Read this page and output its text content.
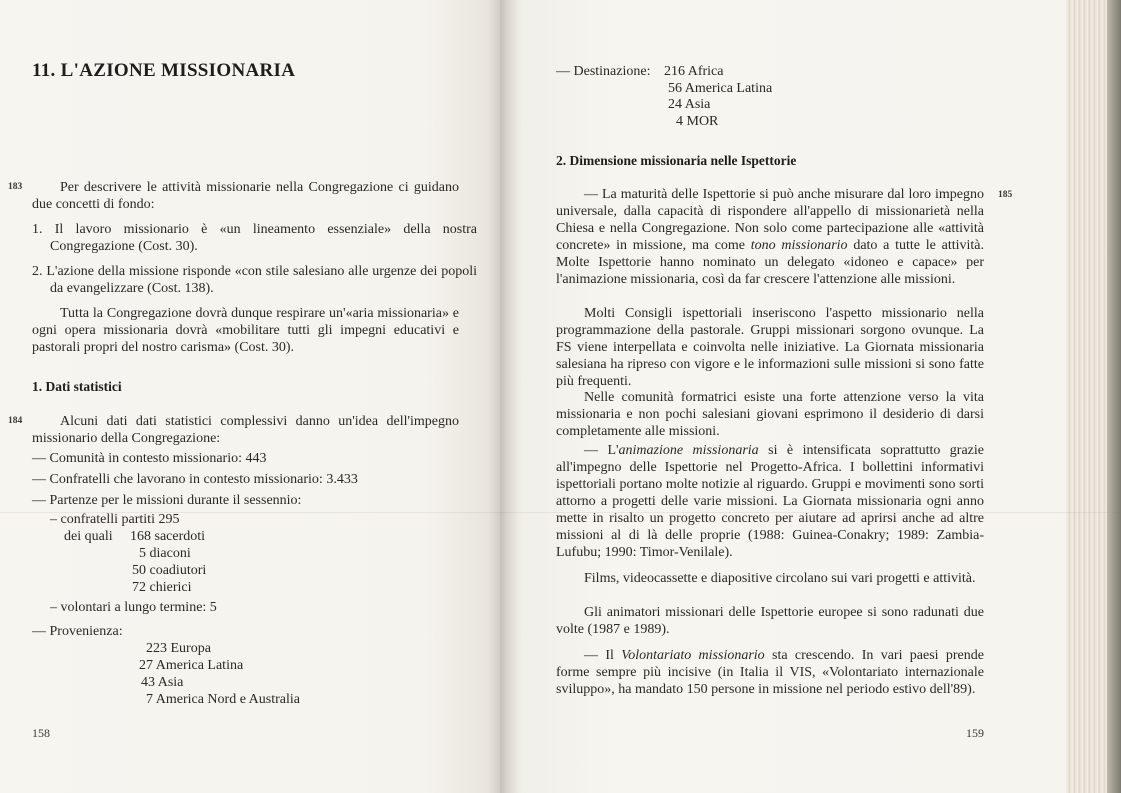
11. L'AZIONE MISSIONARIA
183	Per descrivere le attività missionarie nella Congregazione ci guidano due concetti di fondo:

1. Il lavoro missionario è «un lineamento essenziale» della nostra Congregazione (Cost. 30).

2. L'azione della missione risponde «con stile salesiano alle urgenze dei popoli da evangelizzare (Cost. 138).

Tutta la Congregazione dovrà dunque respirare un'«aria missionaria» e ogni opera missionaria dovrà «mobilitare tutti gli impegni educativi e pastorali propri del nostro carisma» (Cost. 30).

1. Dati statistici
184	Alcuni dati dati statistici complessivi danno un'idea dell'impegno missionario della Congregazione:

— Comunità in contesto missionario: 443

— Confratelli che lavorano in contesto missionario: 3.433

— Partenze per le missioni durante il sessennio:

– confratelli partiti 295

dei quali 168 sacerdoti

5 diaconi

50 coadiutori

72 chierici

– volontari a lungo termine: 5

— Provenienza:

223 Europa

27 America Latina

43 Asia

7 America Nord e Australia

158

— Destinazione: 216 Africa

56 America Latina

24 Asia

4 MOR

2. Dimensione missionaria nelle Ispettorie
185

— La maturità delle Ispettorie si può anche misurare dal loro impegno universale, dalla capacità di rispondere all'appello di missionarietà nella Chiesa e nella Congregazione. Non solo come partecipazione alle «attività concrete» in missione, ma come tono missionario dato a tutte le attività. Molte Ispettorie hanno nominato un delegato «idoneo e capace» per l'animazione missionaria, così da far crescere l'attenzione alle missioni.

Molti Consigli ispettoriali inseriscono l'aspetto missionario nella programmazione della pastorale. Gruppi missionari sorgono ovunque. La FS viene interpellata e coinvolta nelle iniziative. La Giornata missionaria salesiana ha ripreso con vigore e le informazioni sulle missioni si sono fatte più frequenti.

Nelle comunità formatrici esiste una forte attenzione verso la vita missionaria e non pochi salesiani giovani esprimono il desiderio di darsi completamente alle missioni.

— L'animazione missionaria si è intensificata soprattutto grazie all'impegno delle Ispettorie nel Progetto-Africa. I bollettini informativi ispettoriali portano molte notizie al riguardo. Gruppi e movimenti sono sorti attorno a progetti delle varie missioni. La Giornata missionaria ogni anno mette in risalto un progetto concreto per aiutare ad aprirsi anche ad altre missioni al di là delle proprie (1988: Guinea-Conakry; 1989: Zambia-Lufubu; 1990: Timor-Venilale).

Films, videocassette e diapositive circolano sui vari progetti e attività.

Gli animatori missionari delle Ispettorie europee si sono radunati due volte (1987 e 1989).

— Il Volontariato missionario sta crescendo. In vari paesi prende forme sempre più incisive (in Italia il VIS, «Volontariato internazionale sviluppo», ha mandato 150 persone in missione nel periodo estivo dell'89).

159
